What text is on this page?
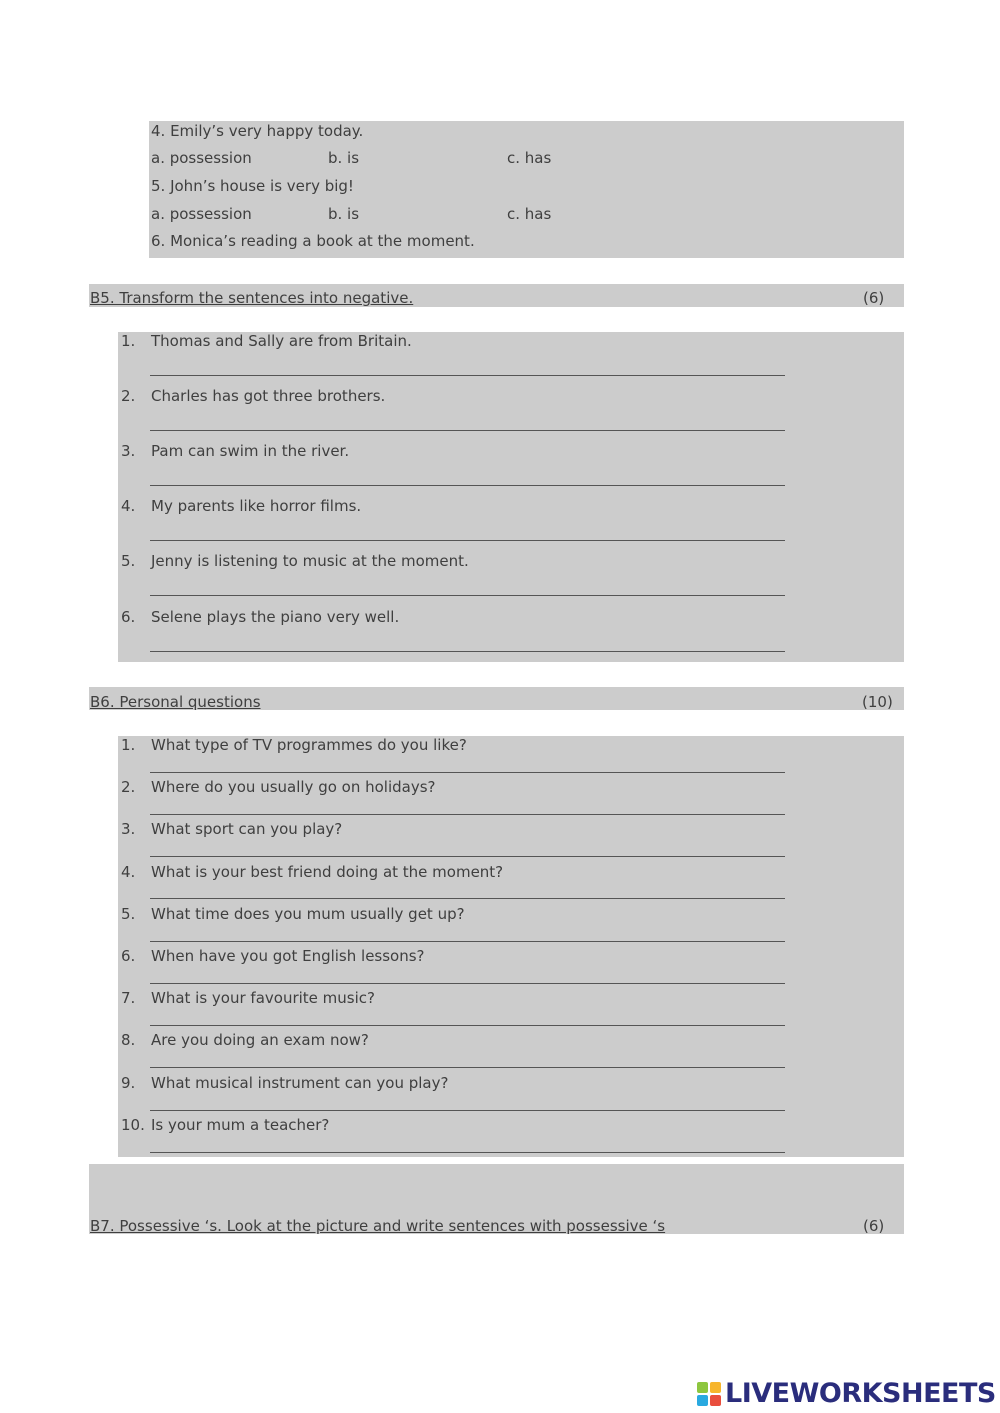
4. Emily’s very happy today.
a. possession	b. is	c. has
5. John’s house is very big!
a. possession	b. is	c. has
6. Monica’s reading a book at the moment.
B5. Transform the sentences into negative.	(6)
1. Thomas and Sally are from Britain.
2. Charles has got three brothers.
3. Pam can swim in the river.
4. My parents like horror films.
5. Jenny is listening to music at the moment.
6. Selene plays the piano very well.
B6. Personal questions	(10)
1. What type of TV programmes do you like?
2. Where do you usually go on holidays?
3. What sport can you play?
4. What is your best friend doing at the moment?
5. What time does you mum usually get up?
6. When have you got English lessons?
7. What is your favourite music?
8. Are you doing an exam now?
9. What musical instrument can you play?
10. Is your mum a teacher?
B7. Possessive ‘s. Look at the picture and write sentences with possessive ‘s	(6)
LIVEWORKSHEETS
